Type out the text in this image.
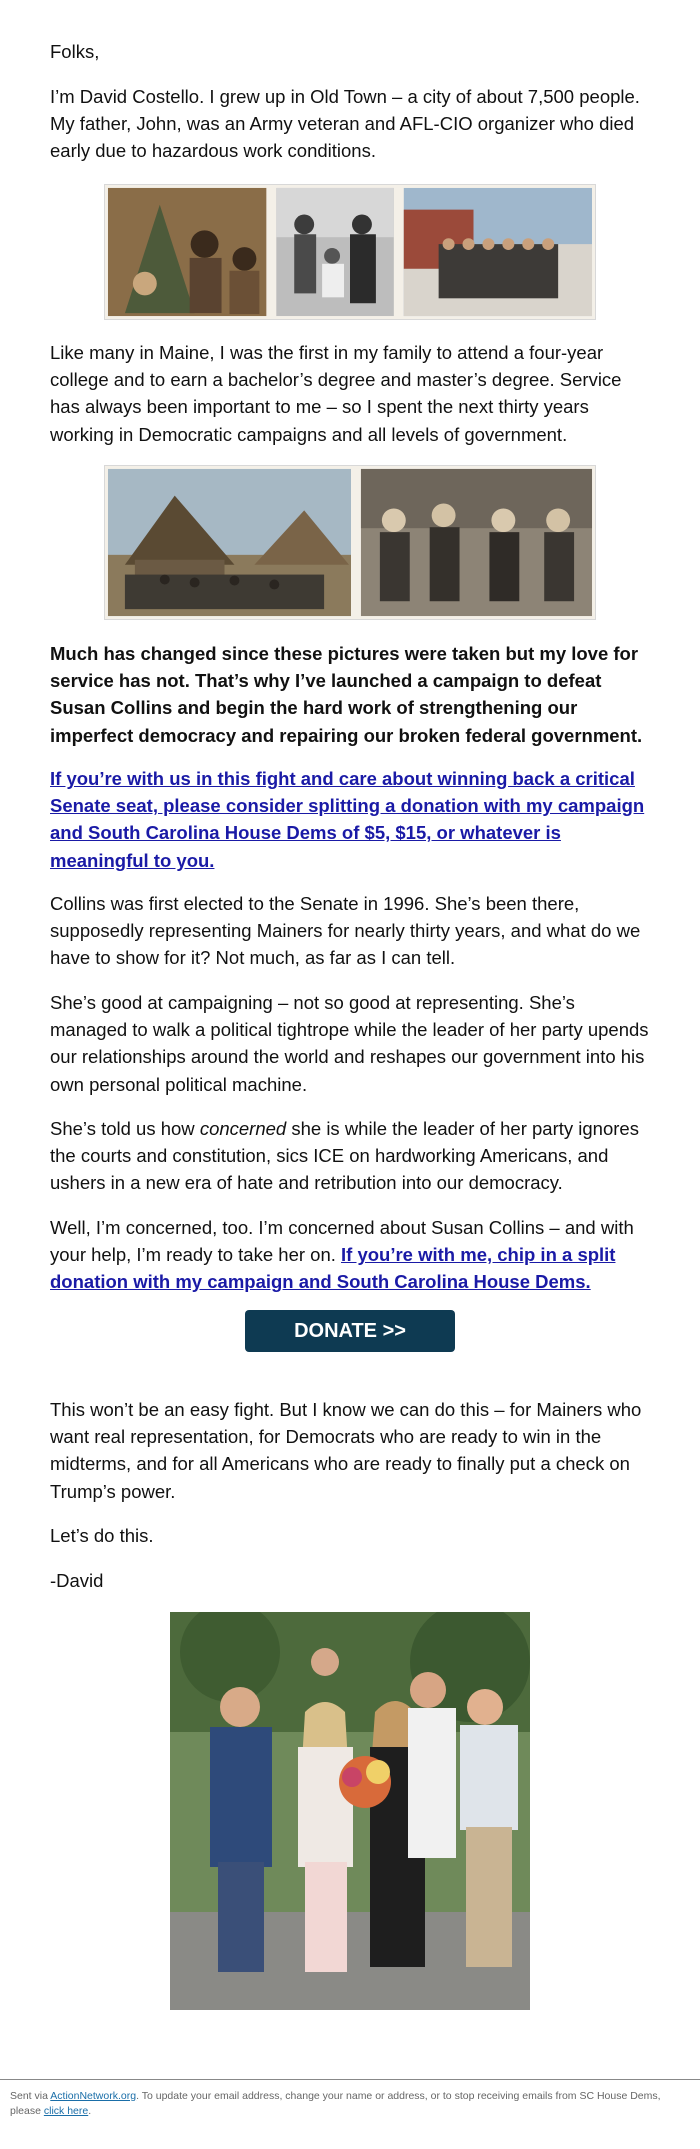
Folks,

I’m David Costello. I grew up in Old Town – a city of about 7,500 people. My father, John, was an Army veteran and AFL-CIO organizer who died early due to hazardous work conditions.

Like many in Maine, I was the first in my family to attend a four-year college and to earn a bachelor’s degree and master’s degree. Service has always been important to me – so I spent the next thirty years working in Democratic campaigns and all levels of government.

Much has changed since these pictures were taken but my love for service has not. That’s why I’ve launched a campaign to defeat Susan Collins and begin the hard work of strengthening our imperfect democracy and repairing our broken federal government.

If you’re with us in this fight and care about winning back a critical Senate seat, please consider splitting a donation with my campaign and South Carolina House Dems of $5, $15, or whatever is meaningful to you.

Collins was first elected to the Senate in 1996. She’s been there, supposedly representing Mainers for nearly thirty years, and what do we have to show for it? Not much, as far as I can tell.

She’s good at campaigning – not so good at representing. She’s managed to walk a political tightrope while the leader of her party upends our relationships around the world and reshapes our government into his own personal political machine.

She’s told us how concerned she is while the leader of her party ignores the courts and constitution, sics ICE on hardworking Americans, and ushers in a new era of hate and retribution into our democracy.

Well, I’m concerned, too. I’m concerned about Susan Collins – and with your help, I’m ready to take her on. If you’re with me, chip in a split donation with my campaign and South Carolina House Dems.

DONATE >>

This won’t be an easy fight. But I know we can do this – for Mainers who want real representation, for Democrats who are ready to win in the midterms, and for all Americans who are ready to finally put a check on Trump’s power.

Let’s do this.

-David

Sent via ActionNetwork.org. To update your email address, change your name or address, or to stop receiving emails from SC House Dems, please click here.
